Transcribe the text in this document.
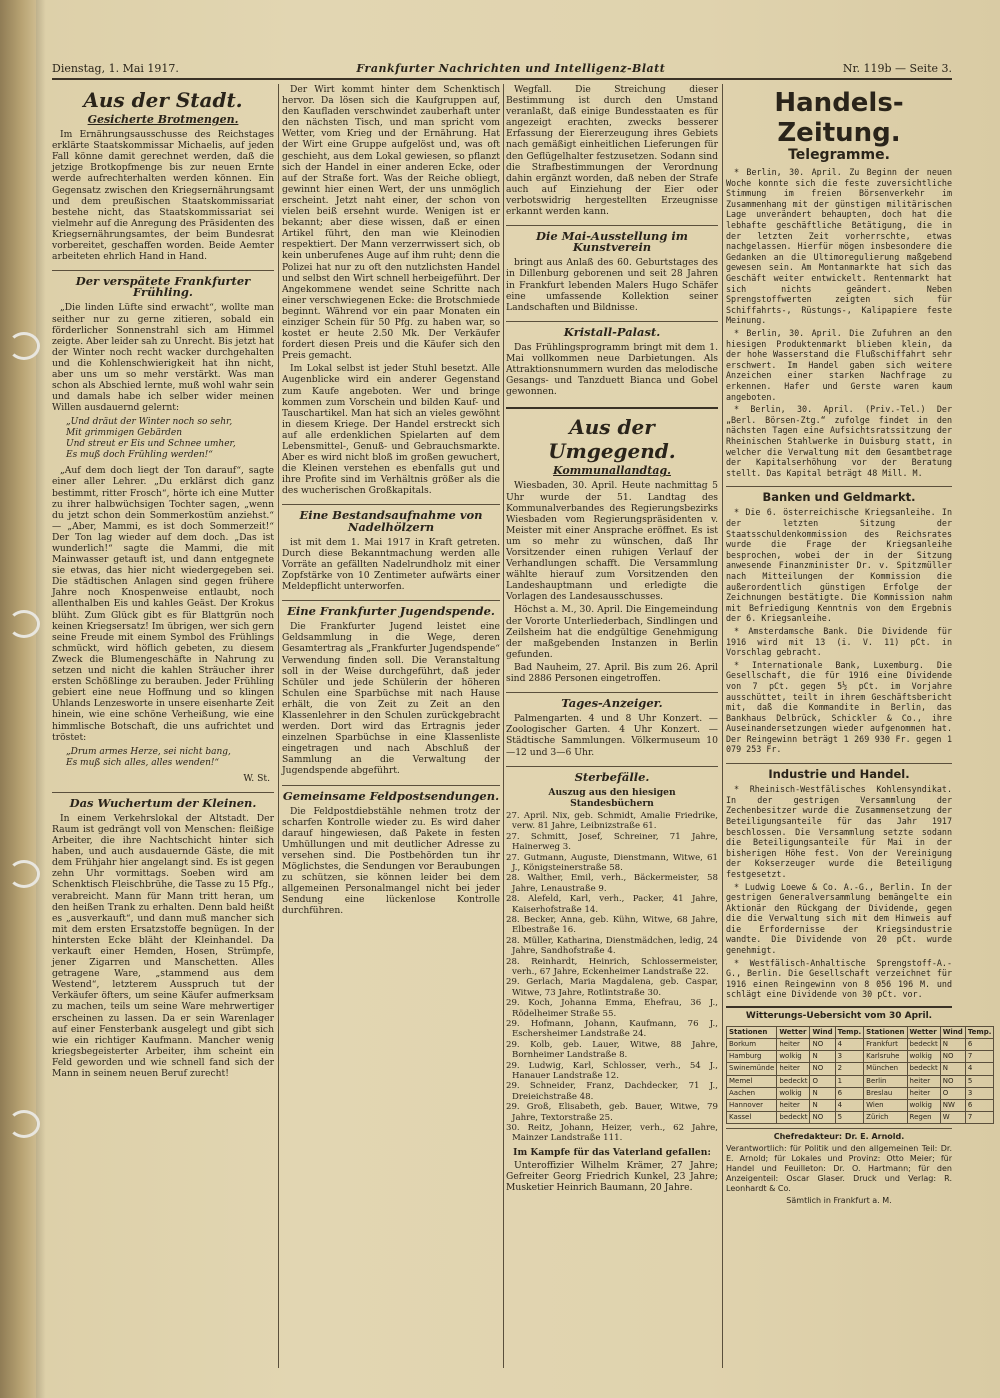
Dienstag, 1. Mai 1917.	Frankfurter Nachrichten und Intelligenz-Blatt	Nr. 119b — Seite 3.
Aus der Stadt.
Gesicherte Brotmengen.

Im Ernährungsausschusse des Reichstages erklärte Staatskommissar Michaelis, auf jeden Fall könne damit gerechnet werden, daß die jetzige Brotkopfmenge bis zur neuen Ernte werde aufrechterhalten werden können. Ein Gegensatz zwischen den Kriegsernährungsamt und dem preußischen Staatskommissariat bestehe nicht, das Staatskommissariat sei vielmehr auf die Anregung des Präsidenten des Kriegsernährungsamtes, der beim Bundesrat vorbereitet, geschaffen worden. Beide Aemter arbeiteten ehrlich Hand in Hand.

Der verspätete Frankfurter Frühling.

„Die linden Lüfte sind erwacht“, wollte man seither nur zu gerne zitieren, sobald ein förderlicher Sonnenstrahl sich am Himmel zeigte. Aber leider sah zu Unrecht. Bis jetzt hat der Winter noch recht wacker durchgehalten und die Kohlenschwierigkeit hat ihn nicht, aber uns um so mehr verstärkt. Was man schon als Abschied lernte, muß wohl wahr sein und damals habe ich selber wider meinen Willen ausdauernd gelernt:

„Und dräut der Winter noch so sehr,
Mit grimmigen Gebärden
Und streut er Eis und Schnee umher,
Es muß doch Frühling werden!“

„Auf dem doch liegt der Ton darauf“, sagte einer aller Lehrer. „Du erklärst dich ganz bestimmt, ritter Frosch“, hörte ich eine Mutter zu ihrer halbwüchsigen Tochter sagen, „wenn du jetzt schon dein Sommerkostüm anziehst.“ — „Aber, Mammi, es ist doch Sommerzeit!“ Der Ton lag wieder auf dem doch. „Das ist wunderlich!“ sagte die Mammi, die mit Mainwasser getauft ist, und dann entgegnete sie etwas, das hier nicht wiedergegeben sei. Die städtischen Anlagen sind gegen frühere Jahre noch Knospenweise entlaubt, noch allenthalben Eis und kahles Geäst. Der Krokus blüht. Zum Glück gibt es für Blattgrün noch keinen Kriegsersatz! Im übrigen, wer sich gern seine Freude mit einem Symbol des Frühlings schmückt, wird höflich gebeten, zu diesem Zweck die Blumengeschäfte in Nahrung zu setzen und nicht die kahlen Sträucher ihrer ersten Schößlinge zu berauben. Jeder Frühling gebiert eine neue Hoffnung und so klingen Uhlands Lenzesworte in unsere eisenharte Zeit hinein, wie eine schöne Verheißung, wie eine himmlische Botschaft, die uns aufrichtet und tröstet:

„Drum armes Herze, sei nicht bang,
Es muß sich alles, alles wenden!“
W. St.
Das Wuchertum der Kleinen.

In einem Verkehrslokal der Altstadt. Der Raum ist gedrängt voll von Menschen: fleißige Arbeiter, die ihre Nachtschicht hinter sich haben, und auch ausdauernde Gäste, die mit dem Frühjahr hier angelangt sind. Es ist gegen zehn Uhr vormittags. Soeben wird am Schenktisch Fleischbrühe, die Tasse zu 15 Pfg., verabreicht. Mann für Mann tritt heran, um den heißen Trank zu erhalten. Denn bald heißt es „ausverkauft“, und dann muß mancher sich mit dem ersten Ersatzstoffe begnügen. In der hintersten Ecke bläht der Kleinhandel. Da verkauft einer Hemden, Hosen, Strümpfe, jener Zigarren und Manschetten. Alles getragene Ware, „stammend aus dem Westend“, letzterem Ausspruch tut der Verkäufer öfters, um seine Käufer aufmerksam zu machen, teils um seine Ware mehrwertiger erscheinen zu lassen. Da er sein Warenlager auf einer Fensterbank ausgelegt und gibt sich wie ein richtiger Kaufmann. Mancher wenig kriegsbegeisterter Arbeiter, ihm scheint ein Feld geworden und wie schnell fand sich der Mann in seinem neuen Beruf zurecht!

Der Wirt kommt hinter dem Schenktisch hervor. Da lösen sich die Kaufgruppen auf, den Kaufladen verschwindet zauberhaft unter den nächsten Tisch, und man spricht vom Wetter, vom Krieg und der Ernährung. Hat der Wirt eine Gruppe aufgelöst und, was oft geschieht, aus dem Lokal gewiesen, so pflanzt sich der Handel in einer anderen Ecke, oder auf der Straße fort. Was der Reiche obliegt, gewinnt hier einen Wert, der uns unmöglich erscheint. Jetzt naht einer, der schon von vielen beiß ersehnt wurde. Wenigen ist er bekannt; aber diese wissen, daß er einen Artikel führt, den man wie Kleinodien respektiert. Der Mann verzerrwissert sich, ob kein unberufenes Auge auf ihm ruht; denn die Polizei hat nur zu oft den nutzlichsten Handel und selbst den Wirt schnell herbeigeführt. Der Angekommene wendet seine Schritte nach einer verschwiegenen Ecke: die Brotschmiede beginnt. Während vor ein paar Monaten ein einziger Schein für 50 Pfg. zu haben war, so kostet er heute 2.50 Mk. Der Verkäufer fordert diesen Preis und die Käufer sich den Preis gemacht.

Im Lokal selbst ist jeder Stuhl besetzt. Alle Augenblicke wird ein anderer Gegenstand zum Kaufe angeboten. Wer und bringe kommen zum Vorschein und bilden Kauf- und Tauschartikel. Man hat sich an vieles gewöhnt in diesem Kriege. Der Handel erstreckt sich auf alle erdenklichen Spielarten auf dem Lebensmittel-, Genuß- und Gebrauchsmarkte. Aber es wird nicht bloß im großen gewuchert, die Kleinen verstehen es ebenfalls gut und ihre Profite sind im Verhältnis größer als die des wucherischen Großkapitals.

Eine Bestandsaufnahme von Nadelhölzern

ist mit dem 1. Mai 1917 in Kraft getreten. Durch diese Bekanntmachung werden alle Vorräte an gefällten Nadelrundholz mit einer Zopfstärke von 10 Zentimeter aufwärts einer Meldepflicht unterworfen.

Eine Frankfurter Jugendspende.

Die Frankfurter Jugend leistet eine Geldsammlung in die Wege, deren Gesamtertrag als „Frankfurter Jugendspende“ Verwendung finden soll. Die Veranstaltung soll in der Weise durchgeführt, daß jeder Schüler und jede Schülerin der höheren Schulen eine Sparbüchse mit nach Hause erhält, die von Zeit zu Zeit an den Klassenlehrer in den Schulen zurückgebracht werden. Dort wird das Ertragnis jeder einzelnen Sparbüchse in eine Klassenliste eingetragen und nach Abschluß der Sammlung an die Verwaltung der Jugendspende abgeführt.

Gemeinsame Feldpostsendungen.

Die Feldpostdiebstähle nehmen trotz der scharfen Kontrolle wieder zu. Es wird daher darauf hingewiesen, daß Pakete in festen Umhüllungen und mit deutlicher Adresse zu versehen sind. Die Postbehörden tun ihr Möglichstes, die Sendungen vor Beraubungen zu schützen, sie können leider bei dem allgemeinen Personalmangel nicht bei jeder Sendung eine lückenlose Kontrolle durchführen.

Wegfall. Die Streichung dieser Bestimmung ist durch den Umstand veranlaßt, daß einige Bundesstaaten es für angezeigt erachten, zwecks besserer Erfassung der Eiererzeugung ihres Gebiets nach gemäßigt einheitlichen Lieferungen für den Geflügelhalter festzusetzen. Sodann sind die Strafbestimmungen der Verordnung dahin ergänzt worden, daß neben der Strafe auch auf Einziehung der Eier oder verbotswidrig hergestellten Erzeugnisse erkannt werden kann.

Die Mai-Ausstellung im Kunstverein

bringt aus Anlaß des 60. Geburtstages des in Dillenburg geborenen und seit 28 Jahren in Frankfurt lebenden Malers Hugo Schäfer eine umfassende Kollektion seiner Landschaften und Bildnisse.

Kristall-Palast.

Das Frühlingsprogramm bringt mit dem 1. Mai vollkommen neue Darbietungen. Als Attraktionsnummern wurden das melodische Gesangs- und Tanzduett Bianca und Gobel gewonnen.

Aus der Umgegend.
Kommunallandtag.

Wiesbaden, 30. April. Heute nachmittag 5 Uhr wurde der 51. Landtag des Kommunalverbandes des Regierungsbezirks Wiesbaden vom Regierungspräsidenten v. Meister mit einer Ansprache eröffnet. Es ist um so mehr zu wünschen, daß Ihr Vorsitzender einen ruhigen Verlauf der Verhandlungen schafft. Die Versammlung wählte hierauf zum Vorsitzenden den Landeshauptmann und erledigte die Vorlagen des Landesausschusses.

Höchst a. M., 30. April. Die Eingemeindung der Vororte Unterliederbach, Sindlingen und Zeilsheim hat die endgültige Genehmigung der maßgebenden Instanzen in Berlin gefunden.

Bad Nauheim, 27. April. Bis zum 26. April sind 2886 Personen eingetroffen.

Tages-Anzeiger.

Palmengarten. 4 und 8 Uhr Konzert. — Zoologischer Garten. 4 Uhr Konzert. — Städtische Sammlungen. Völkermuseum 10—12 und 3—6 Uhr.

Sterbefälle.

Auszug aus den hiesigen Standesbüchern

27. April. Nix, geb. Schmidt, Amalie Friedrike, verw. 81 Jahre, Leibnizstraße 61.

27. Schmitt, Josef, Schreiner, 71 Jahre, Hainerweg 3.

27. Gutmann, Auguste, Dienstmann, Witwe, 61 J., Königsteinerstraße 58.

28. Walther, Emil, verh., Bäckermeister, 58 Jahre, Lenaustraße 9.

28. Alefeld, Karl, verh., Packer, 41 Jahre, Kaiserhofstraße 14.

28. Becker, Anna, geb. Kühn, Witwe, 68 Jahre, Elbestraße 16.

28. Müller, Katharina, Dienstmädchen, ledig, 24 Jahre, Sandhofstraße 4.

28. Reinhardt, Heinrich, Schlossermeister, verh., 67 Jahre, Eckenheimer Landstraße 22.

29. Gerlach, Maria Magdalena, geb. Caspar, Witwe, 73 Jahre, Rotlintstraße 30.

29. Koch, Johanna Emma, Ehefrau, 36 J., Rödelheimer Straße 55.

29. Hofmann, Johann, Kaufmann, 76 J., Eschersheimer Landstraße 24.

29. Kolb, geb. Lauer, Witwe, 88 Jahre, Bornheimer Landstraße 8.

29. Ludwig, Karl, Schlosser, verh., 54 J., Hanauer Landstraße 12.

29. Schneider, Franz, Dachdecker, 71 J., Dreieichstraße 48.

29. Groß, Elisabeth, geb. Bauer, Witwe, 79 Jahre, Textorstraße 25.

30. Reitz, Johann, Heizer, verh., 62 Jahre, Mainzer Landstraße 111.

Im Kampfe für das Vaterland gefallen:

Unteroffizier Wilhelm Krämer, 27 Jahre; Gefreiter Georg Friedrich Kunkel, 23 Jahre; Musketier Heinrich Baumann, 20 Jahre.

Handels-Zeitung.
Telegramme.

* Berlin, 30. April. Zu Beginn der neuen Woche konnte sich die feste zuversichtliche Stimmung im freien Börsenverkehr im Zusammenhang mit der günstigen militärischen Lage unverändert behaupten, doch hat die lebhafte geschäftliche Betätigung, die in der letzten Zeit vorherrschte, etwas nachgelassen. Hierfür mögen insbesondere die Gedanken an die Ultimoregulierung maßgebend gewesen sein. Am Montanmarkte hat sich das Geschäft weiter entwickelt. Rentenmarkt hat sich nichts geändert. Neben Sprengstoffwerten zeigten sich für Schiffahrts-, Rüstungs-, Kalipapiere feste Meinung.

* Berlin, 30. April. Die Zufuhren an den hiesigen Produktenmarkt blieben klein, da der hohe Wasserstand die Flußschiffahrt sehr erschwert. Im Handel gaben sich weitere Anzeichen einer starken Nachfrage zu erkennen. Hafer und Gerste waren kaum angeboten.

* Berlin, 30. April. (Priv.-Tel.) Der „Berl. Börsen-Ztg.“ zufolge findet in den nächsten Tagen eine Aufsichtsratssitzung der Rheinischen Stahlwerke in Duisburg statt, in welcher die Verwaltung mit dem Gesamtbetrage der Kapitalserhöhung vor der Beratung stellt. Das Kapital beträgt 48 Mill. M.

Banken und Geldmarkt.

* Die 6. österreichische Kriegsanleihe. In der letzten Sitzung der Staatsschuldenkommission des Reichsrates wurde die Frage der Kriegsanleihe besprochen, wobei der in der Sitzung anwesende Finanzminister Dr. v. Spitzmüller nach Mitteilungen der Kommission die außerordentlich günstigen Erfolge der Zeichnungen bestätigte. Die Kommission nahm mit Befriedigung Kenntnis von dem Ergebnis der 6. Kriegsanleihe.

* Amsterdamsche Bank. Die Dividende für 1916 wird mit 13 (i. V. 11) pCt. in Vorschlag gebracht.

* Internationale Bank, Luxemburg. Die Gesellschaft, die für 1916 eine Dividende von 7 pCt. gegen 5½ pCt. im Vorjahre ausschüttet, teilt in ihrem Geschäftsbericht mit, daß die Kommandite in Berlin, das Bankhaus Delbrück, Schickler & Co., ihre Auseinandersetzungen wieder aufgenommen hat. Der Reingewinn beträgt 1 269 930 Fr. gegen 1 079 253 Fr.

Industrie und Handel.

* Rheinisch-Westfälisches Kohlensyndikat. In der gestrigen Versammlung der Zechenbesitzer wurde die Zusammensetzung der Beteiligungsanteile für das Jahr 1917 beschlossen. Die Versammlung setzte sodann die Beteiligungsanteile für Mai in der bisherigen Höhe fest. Von der Vereinigung der Kokserzeuger wurde die Beteiligung festgesetzt.

* Ludwig Loewe & Co. A.-G., Berlin. In der gestrigen Generalversammlung bemängelte ein Aktionär den Rückgang der Dividende, gegen die die Verwaltung sich mit dem Hinweis auf die Erfordernisse der Kriegsindustrie wandte. Die Dividende von 20 pCt. wurde genehmigt.

* Westfälisch-Anhaltische Sprengstoff-A.-G., Berlin. Die Gesellschaft verzeichnet für 1916 einen Reingewinn von 8 056 196 M. und schlägt eine Dividende von 30 pCt. vor.

Witterungs-Uebersicht vom 30 April.
Stationen	Wetter	Wind	Temp.	Stationen	Wetter	Wind	Temp.
Borkum	heiter	NO	4	Frankfurt	bedeckt	N	6
Hamburg	wolkig	N	3	Karlsruhe	wolkig	NO	7
Swinemünde	heiter	NO	2	München	bedeckt	N	4
Memel	bedeckt	O	1	Berlin	heiter	NO	5
Aachen	wolkig	N	6	Breslau	heiter	O	3
Hannover	heiter	N	4	Wien	wolkig	NW	6
Kassel	bedeckt	NO	5	Zürich	Regen	W	7

Chefredakteur: Dr. E. Arnold.

Verantwortlich: für Politik und den allgemeinen Teil: Dr. E. Arnold; für Lokales und Provinz: Otto Meier; für Handel und Feuilleton: Dr. O. Hartmann; für den Anzeigenteil: Oscar Glaser. Druck und Verlag: R. Leonhardt & Co.

Sämtlich in Frankfurt a. M.
